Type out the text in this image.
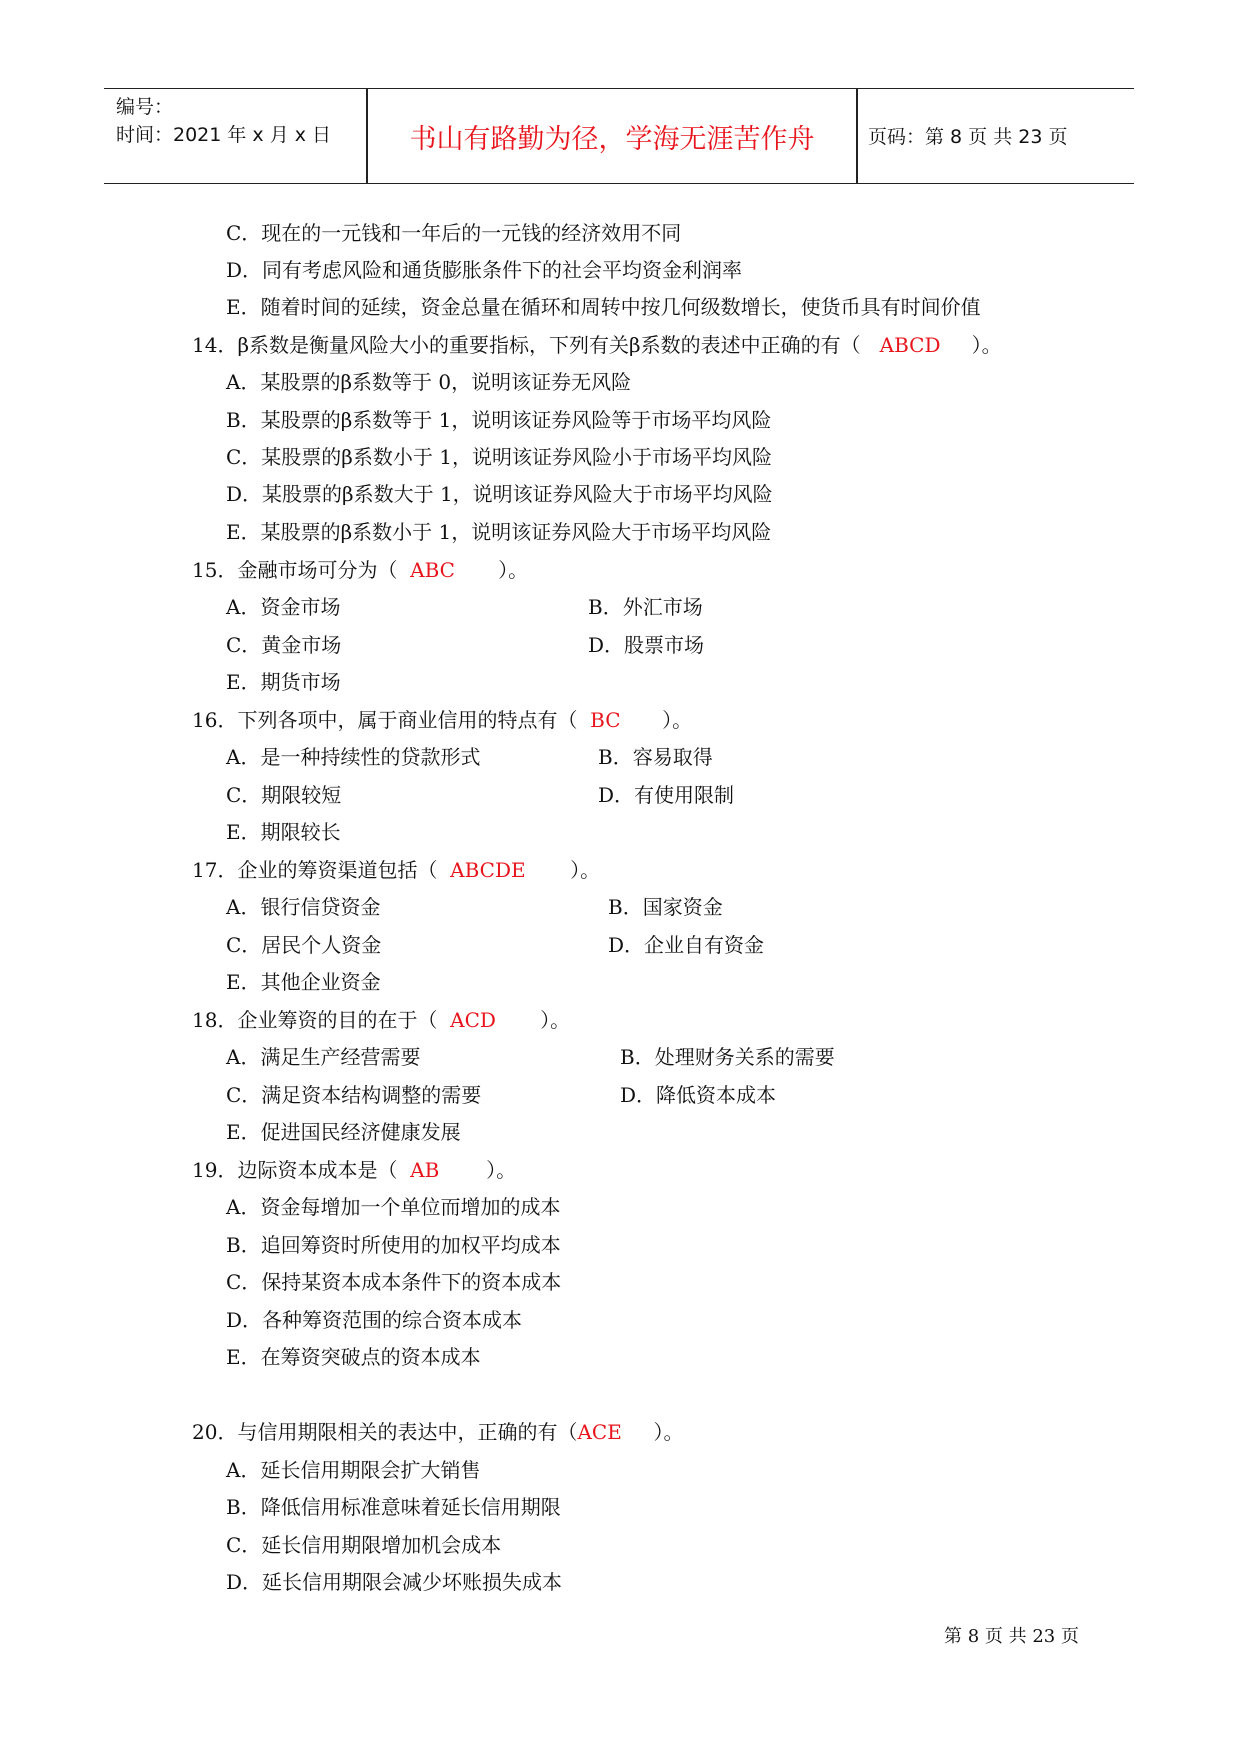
编号：
时间：2021 年 x 月 x 日	书山有路勤为径，学海无涯苦作舟	页码：第 8 页 共 23 页
C．现在的一元钱和一年后的一元钱的经济效用不同
D．同有考虑风险和通货膨胀条件下的社会平均资金利润率
E．随着时间的延续，资金总量在循环和周转中按几何级数增长，使货币具有时间价值
14．β系数是衡量风险大小的重要指标，下列有关β系数的表述中正确的有（ ABCD ）。
A．某股票的β系数等于 0，说明该证券无风险
B．某股票的β系数等于 1，说明该证券风险等于市场平均风险
C．某股票的β系数小于 1，说明该证券风险小于市场平均风险
D．某股票的β系数大于 1，说明该证券风险大于市场平均风险
E．某股票的β系数小于 1，说明该证券风险大于市场平均风险
15．金融市场可分为（ ABC ）。
A．资金市场	B．外汇市场
C．黄金市场	D．股票市场
E．期货市场
16．下列各项中，属于商业信用的特点有（ BC ）。
A．是一种持续性的贷款形式	B．容易取得
C．期限较短	D．有使用限制
E．期限较长
17．企业的筹资渠道包括（ ABCDE ）。
A．银行信贷资金	B．国家资金
C．居民个人资金	D．企业自有资金
E．其他企业资金
18．企业筹资的目的在于（ ACD ）。
A．满足生产经营需要	B．处理财务关系的需要
C．满足资本结构调整的需要	D．降低资本成本
E．促进国民经济健康发展
19．边际资本成本是（ AB ）。
A．资金每增加一个单位而增加的成本
B．追回筹资时所使用的加权平均成本
C．保持某资本成本条件下的资本成本
D．各种筹资范围的综合资本成本
E．在筹资突破点的资本成本
20．与信用期限相关的表达中，正确的有（ACE ）。
A．延长信用期限会扩大销售
B．降低信用标准意味着延长信用期限
C．延长信用期限增加机会成本
D．延长信用期限会减少坏账损失成本
第 8 页 共 23 页
